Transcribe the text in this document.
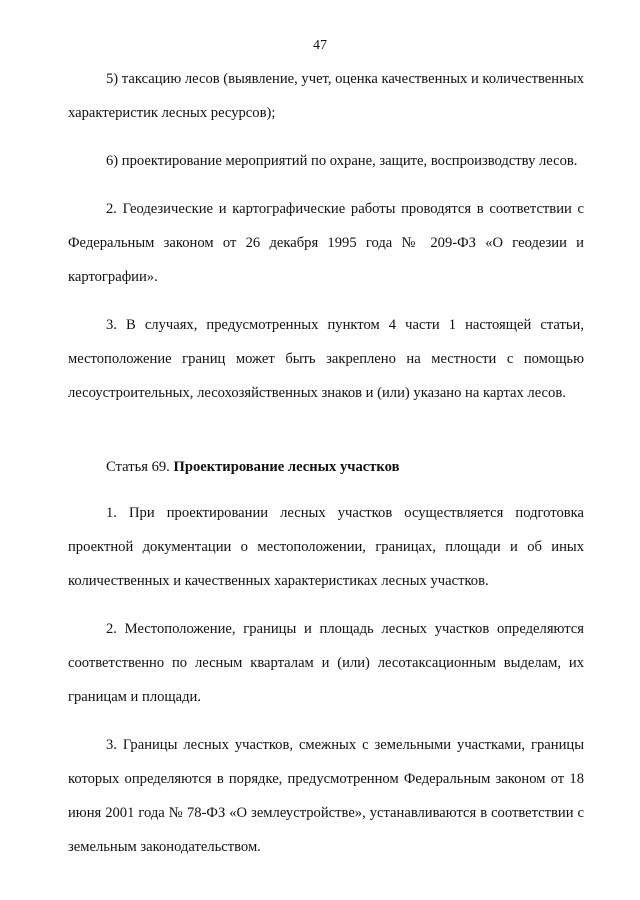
47

5) таксацию лесов (выявление, учет, оценка качественных и количественных характеристик лесных ресурсов);

6) проектирование мероприятий по охране, защите, воспроизводству лесов.

2. Геодезические и картографические работы проводятся в соответствии с Федеральным законом от 26 декабря 1995 года № 209-ФЗ «О геодезии и картографии».

3. В случаях, предусмотренных пунктом 4 части 1 настоящей статьи, местоположение границ может быть закреплено на местности с помощью лесоустроительных, лесохозяйственных знаков и (или) указано на картах лесов.

Статья 69. Проектирование лесных участков

1. При проектировании лесных участков осуществляется подготовка проектной документации о местоположении, границах, площади и об иных количественных и качественных характеристиках лесных участков.

2. Местоположение, границы и площадь лесных участков определяются соответственно по лесным кварталам и (или) лесотаксационным выделам, их границам и площади.

3. Границы лесных участков, смежных с земельными участками, границы которых определяются в порядке, предусмотренном Федеральным законом от 18 июня 2001 года № 78-ФЗ «О землеустройстве», устанавливаются в соответствии с земельным законодательством.
